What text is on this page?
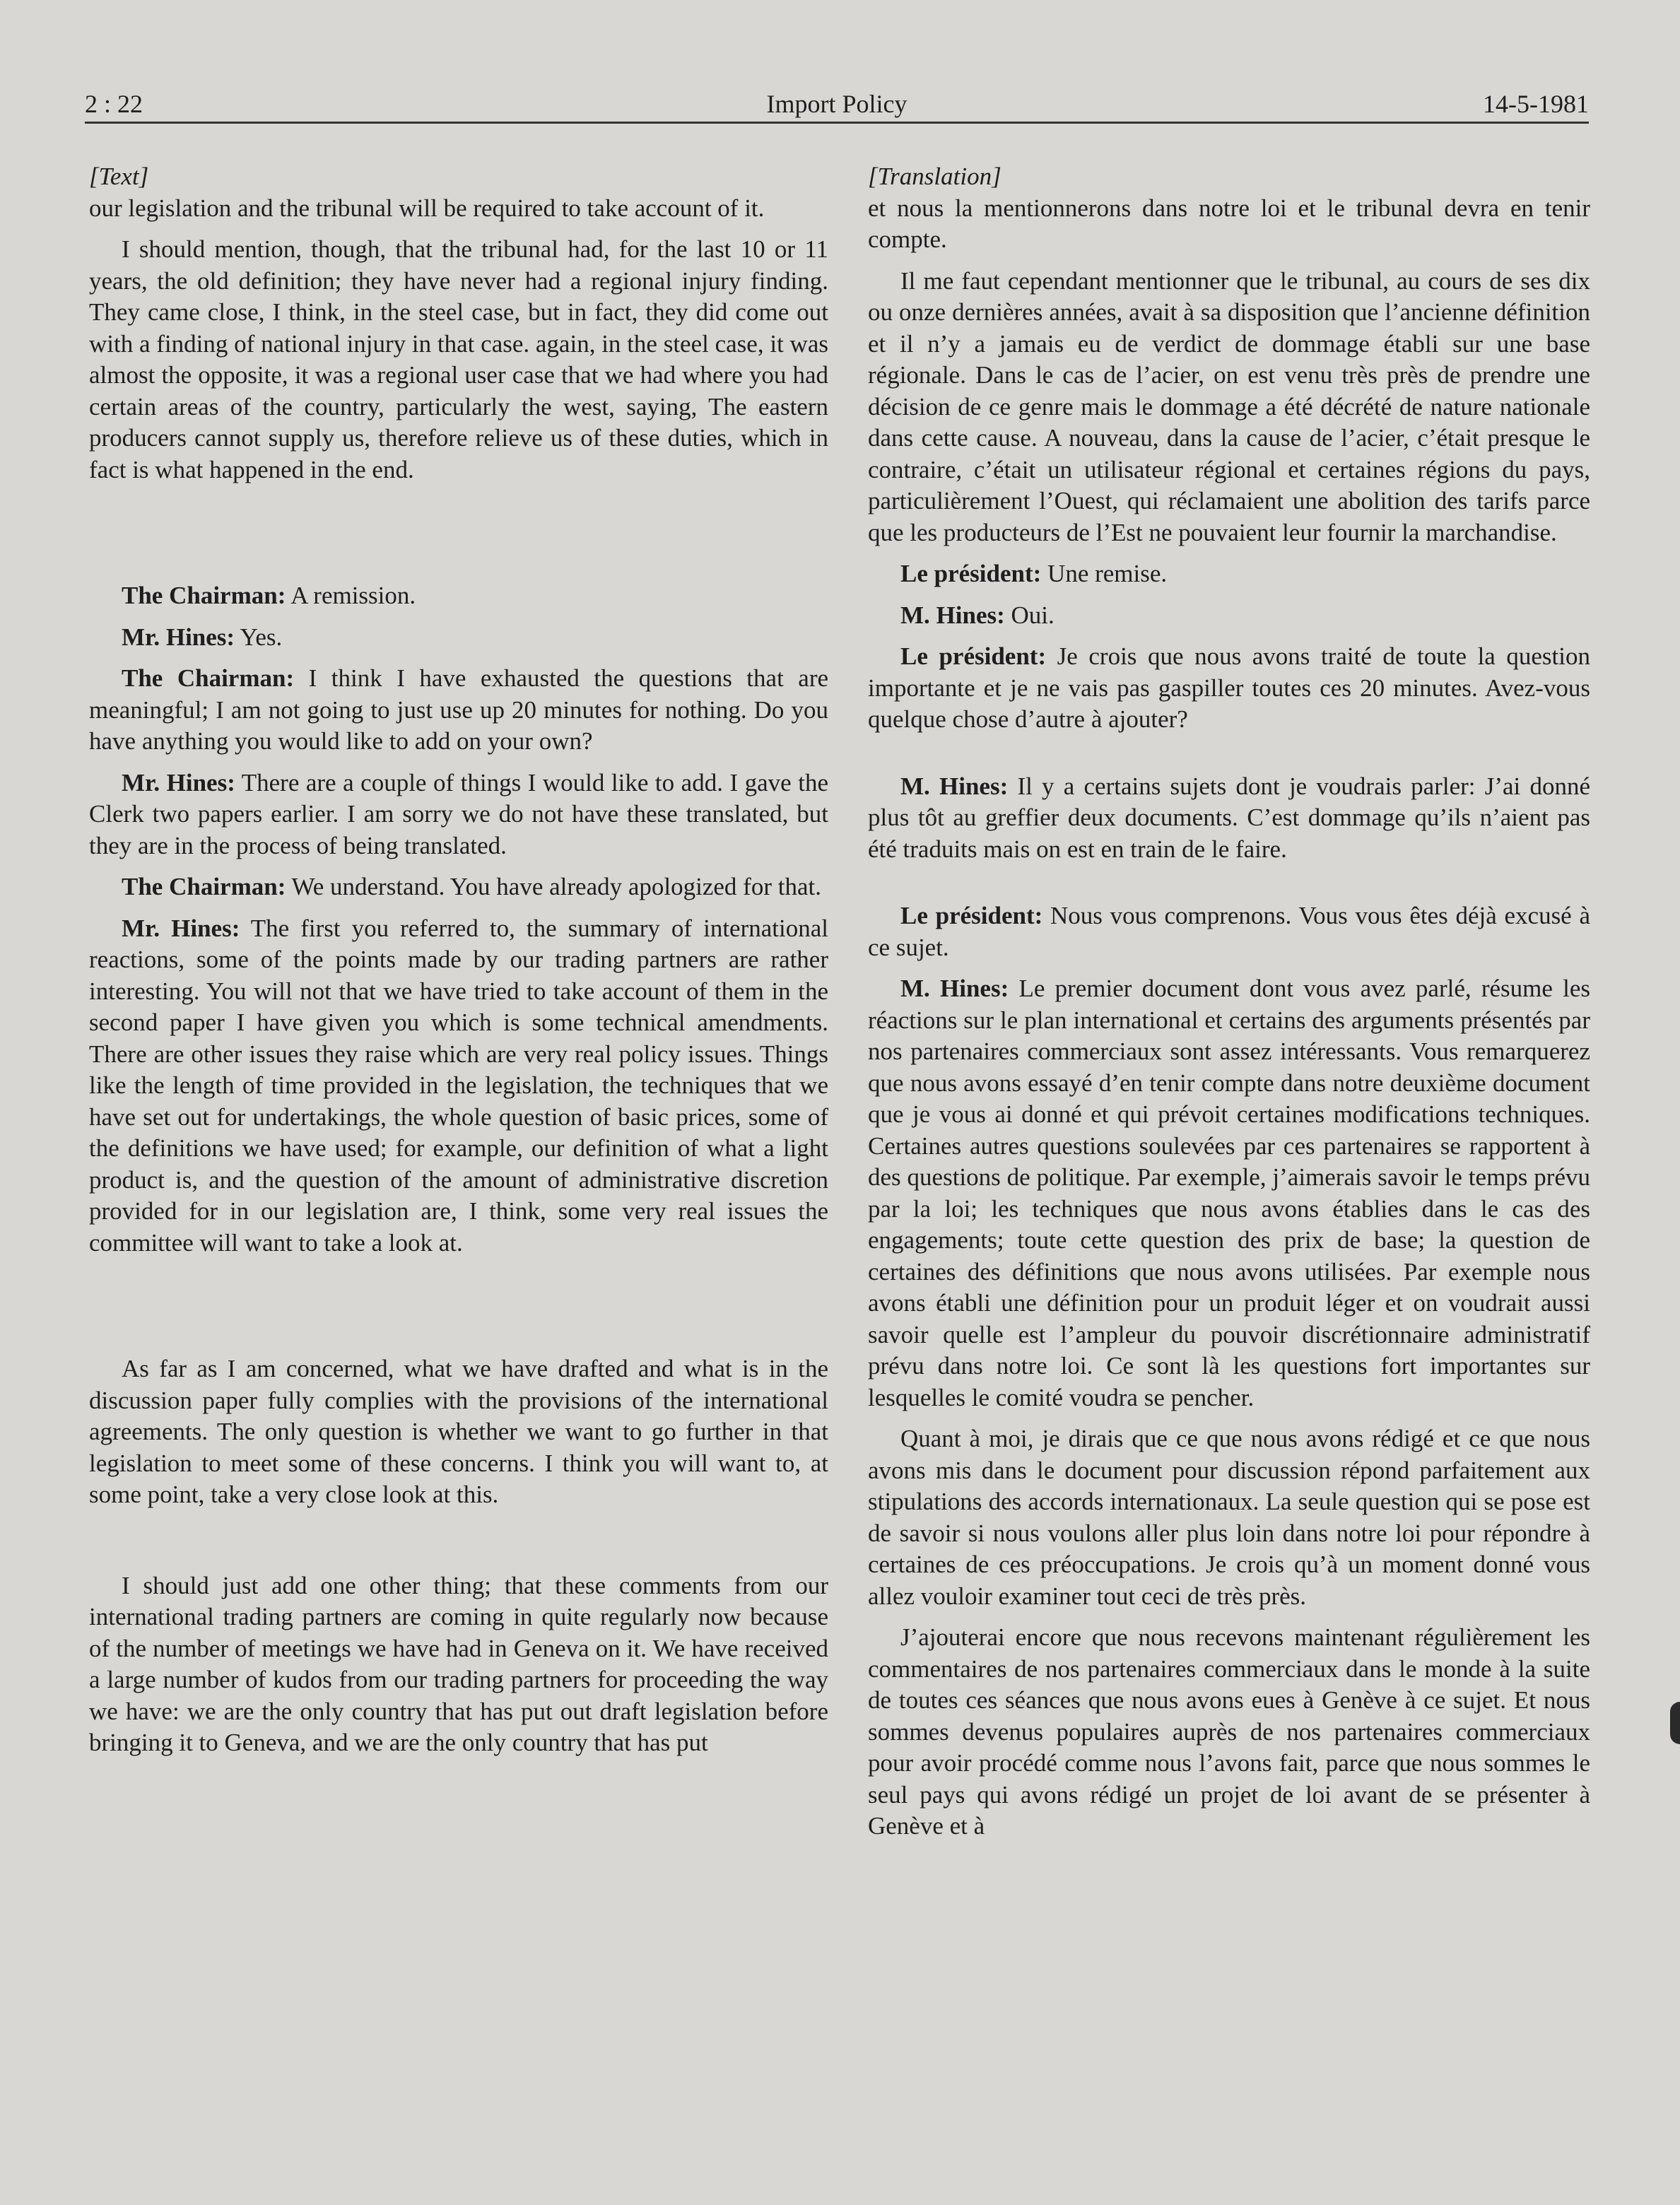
2 : 22	Import Policy	14-5-1981

[Text]

our legislation and the tribunal will be required to take account of it.

I should mention, though, that the tribunal had, for the last 10 or 11 years, the old definition; they have never had a regional injury finding. They came close, I think, in the steel case, but in fact, they did come out with a finding of national injury in that case. again, in the steel case, it was almost the opposite, it was a regional user case that we had where you had certain areas of the country, particularly the west, saying, The eastern producers cannot supply us, therefore relieve us of these duties, which in fact is what happened in the end.

The Chairman: A remission.

Mr. Hines: Yes.

The Chairman: I think I have exhausted the questions that are meaningful; I am not going to just use up 20 minutes for nothing. Do you have anything you would like to add on your own?

Mr. Hines: There are a couple of things I would like to add. I gave the Clerk two papers earlier. I am sorry we do not have these translated, but they are in the process of being translated.

The Chairman: We understand. You have already apologized for that.

Mr. Hines: The first you referred to, the summary of international reactions, some of the points made by our trading partners are rather interesting. You will not that we have tried to take account of them in the second paper I have given you which is some technical amendments. There are other issues they raise which are very real policy issues. Things like the length of time provided in the legislation, the techniques that we have set out for undertakings, the whole question of basic prices, some of the definitions we have used; for example, our definition of what a light product is, and the question of the amount of administrative discretion provided for in our legislation are, I think, some very real issues the committee will want to take a look at.

As far as I am concerned, what we have drafted and what is in the discussion paper fully complies with the provisions of the international agreements. The only question is whether we want to go further in that legislation to meet some of these concerns. I think you will want to, at some point, take a very close look at this.

I should just add one other thing; that these comments from our international trading partners are coming in quite regularly now because of the number of meetings we have had in Geneva on it. We have received a large number of kudos from our trading partners for proceeding the way we have: we are the only country that has put out draft legislation before bringing it to Geneva, and we are the only country that has put

[Translation]

et nous la mentionnerons dans notre loi et le tribunal devra en tenir compte.

Il me faut cependant mentionner que le tribunal, au cours de ses dix ou onze dernières années, avait à sa disposition que l’ancienne définition et il n’y a jamais eu de verdict de dommage établi sur une base régionale. Dans le cas de l’acier, on est venu très près de prendre une décision de ce genre mais le dommage a été décrété de nature nationale dans cette cause. A nouveau, dans la cause de l’acier, c’était presque le contraire, c’était un utilisateur régional et certaines régions du pays, particulièrement l’Ouest, qui réclamaient une abolition des tarifs parce que les producteurs de l’Est ne pouvaient leur fournir la marchandise.

Le président: Une remise.

M. Hines: Oui.

Le président: Je crois que nous avons traité de toute la question importante et je ne vais pas gaspiller toutes ces 20 minutes. Avez-vous quelque chose d’autre à ajouter?

M. Hines: Il y a certains sujets dont je voudrais parler: J’ai donné plus tôt au greffier deux documents. C’est dommage qu’ils n’aient pas été traduits mais on est en train de le faire.

Le président: Nous vous comprenons. Vous vous êtes déjà excusé à ce sujet.

M. Hines: Le premier document dont vous avez parlé, résume les réactions sur le plan international et certains des arguments présentés par nos partenaires commerciaux sont assez intéressants. Vous remarquerez que nous avons essayé d’en tenir compte dans notre deuxième document que je vous ai donné et qui prévoit certaines modifications techniques. Certaines autres questions soulevées par ces partenaires se rapportent à des questions de politique. Par exemple, j’aimerais savoir le temps prévu par la loi; les techniques que nous avons établies dans le cas des engagements; toute cette question des prix de base; la question de certaines des définitions que nous avons utilisées. Par exemple nous avons établi une définition pour un produit léger et on voudrait aussi savoir quelle est l’ampleur du pouvoir discrétionnaire administratif prévu dans notre loi. Ce sont là les questions fort importantes sur lesquelles le comité voudra se pencher.

Quant à moi, je dirais que ce que nous avons rédigé et ce que nous avons mis dans le document pour discussion répond parfaitement aux stipulations des accords internationaux. La seule question qui se pose est de savoir si nous voulons aller plus loin dans notre loi pour répondre à certaines de ces préoccupations. Je crois qu’à un moment donné vous allez vouloir examiner tout ceci de très près.

J’ajouterai encore que nous recevons maintenant régulièrement les commentaires de nos partenaires commerciaux dans le monde à la suite de toutes ces séances que nous avons eues à Genève à ce sujet. Et nous sommes devenus populaires auprès de nos partenaires commerciaux pour avoir procédé comme nous l’avons fait, parce que nous sommes le seul pays qui avons rédigé un projet de loi avant de se présenter à Genève et à
